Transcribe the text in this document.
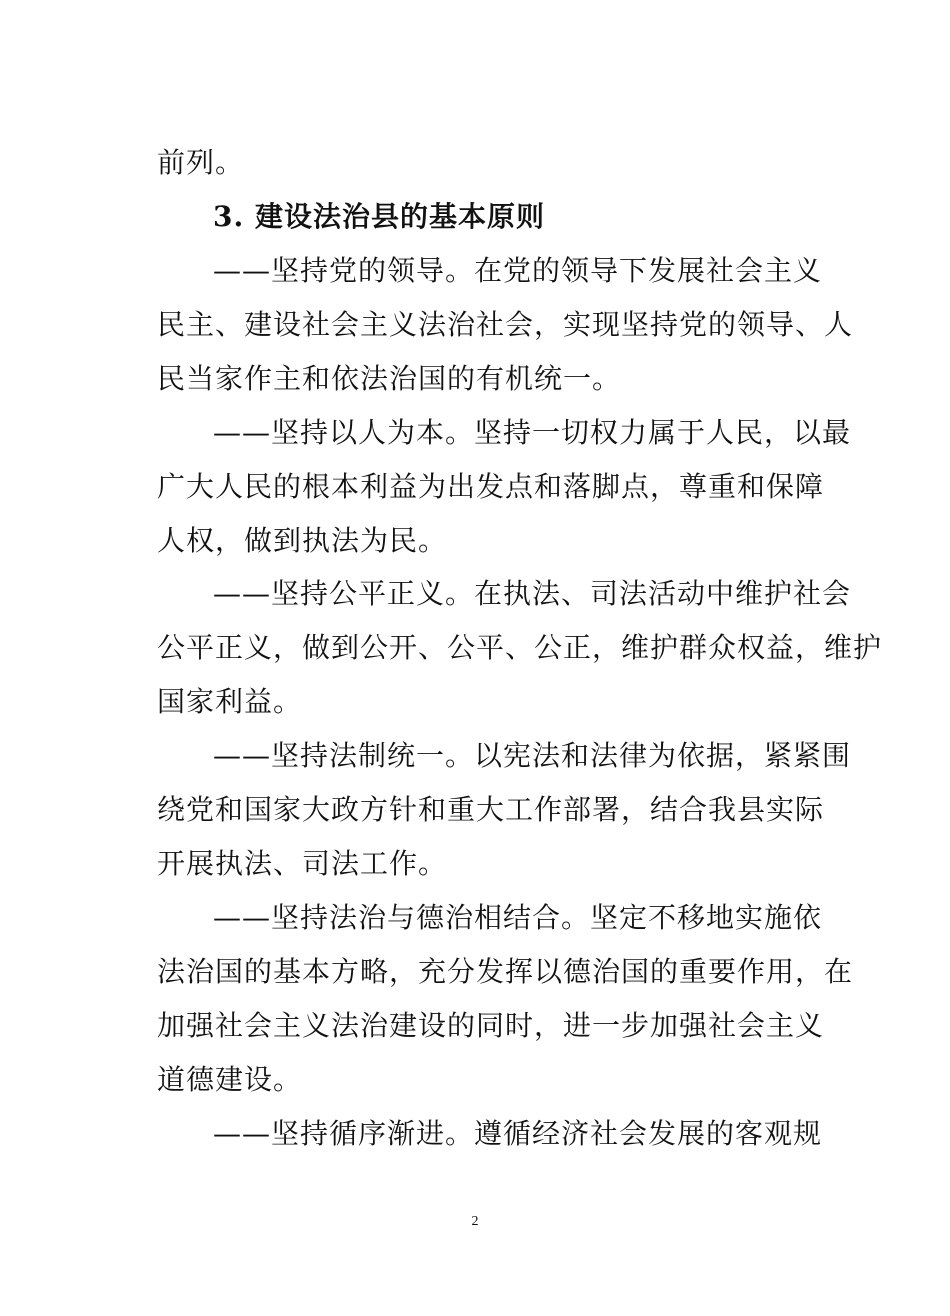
前列。
3. 建设法治县的基本原则
——坚持党的领导。在党的领导下发展社会主义
民主、建设社会主义法治社会，实现坚持党的领导、人
民当家作主和依法治国的有机统一。
——坚持以人为本。坚持一切权力属于人民，以最
广大人民的根本利益为出发点和落脚点，尊重和保障
人权，做到执法为民。
——坚持公平正义。在执法、司法活动中维护社会
公平正义，做到公开、公平、公正，维护群众权益，维护
国家利益。
——坚持法制统一。以宪法和法律为依据，紧紧围
绕党和国家大政方针和重大工作部署，结合我县实际
开展执法、司法工作。
——坚持法治与德治相结合。坚定不移地实施依
法治国的基本方略，充分发挥以德治国的重要作用，在
加强社会主义法治建设的同时，进一步加强社会主义
道德建设。
——坚持循序渐进。遵循经济社会发展的客观规
2
